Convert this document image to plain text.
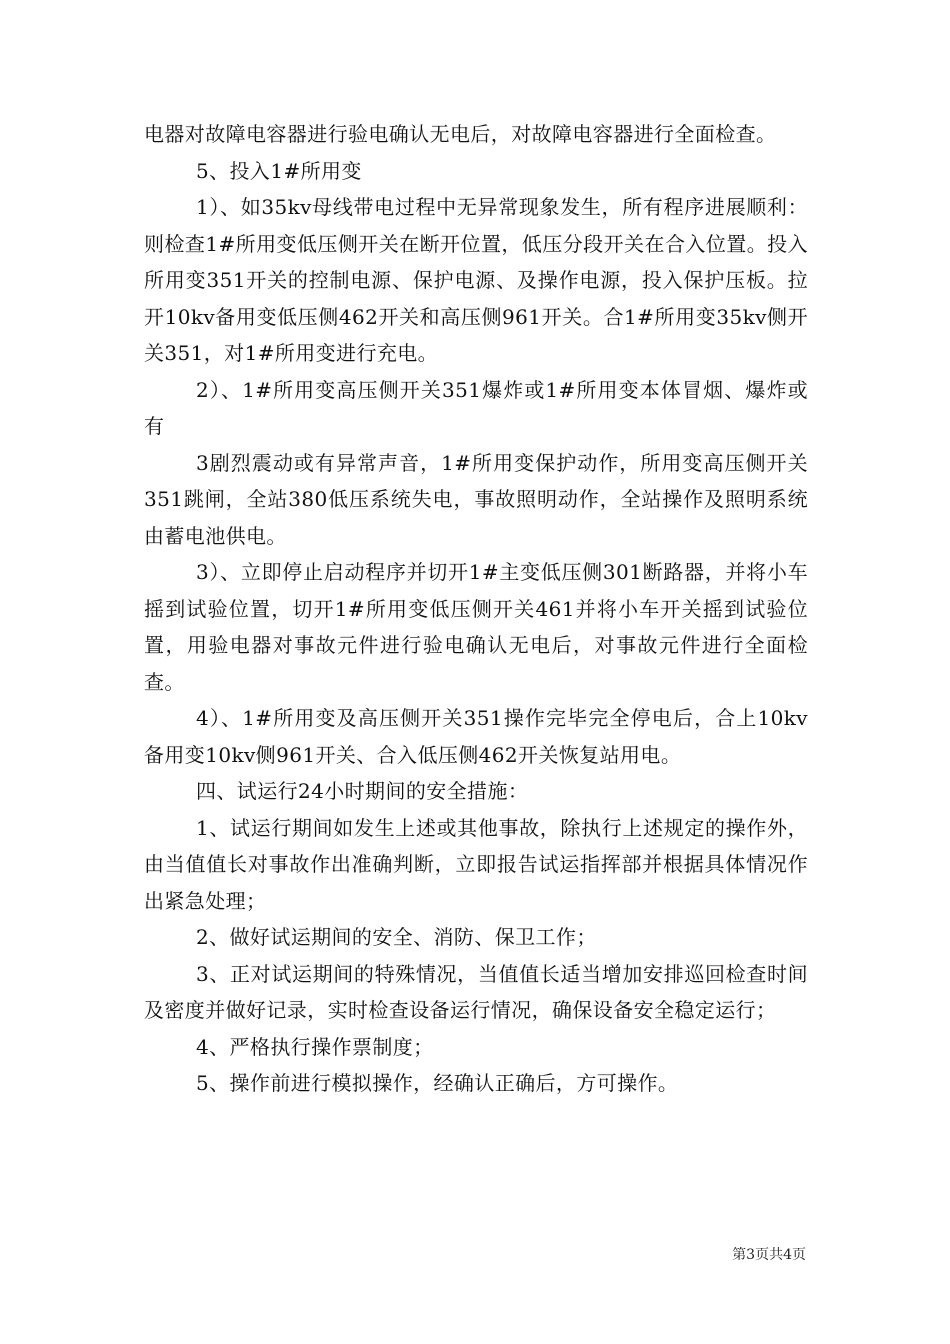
电器对故障电容器进行验电确认无电后，对故障电容器进行全面检查。

5、投入1#所用变

1）、如35kv母线带电过程中无异常现象发生，所有程序进展顺利：则检查1#所用变低压侧开关在断开位置，低压分段开关在合入位置。投入所用变351开关的控制电源、保护电源、及操作电源，投入保护压板。拉开10kv备用变低压侧462开关和高压侧961开关。合1#所用变35kv侧开关351，对1#所用变进行充电。

2）、1#所用变高压侧开关351爆炸或1#所用变本体冒烟、爆炸或有

3剧烈震动或有异常声音，1#所用变保护动作，所用变高压侧开关351跳闸，全站380低压系统失电，事故照明动作，全站操作及照明系统由蓄电池供电。

3）、立即停止启动程序并切开1#主变低压侧301断路器，并将小车摇到试验位置，切开1#所用变低压侧开关461并将小车开关摇到试验位置，用验电器对事故元件进行验电确认无电后，对事故元件进行全面检查。

4）、1#所用变及高压侧开关351操作完毕完全停电后，合上10kv备用变10kv侧961开关、合入低压侧462开关恢复站用电。

四、试运行24小时期间的安全措施：

1、试运行期间如发生上述或其他事故，除执行上述规定的操作外，由当值值长对事故作出准确判断，立即报告试运指挥部并根据具体情况作出紧急处理；

2、做好试运期间的安全、消防、保卫工作；

3、正对试运期间的特殊情况，当值值长适当增加安排巡回检查时间及密度并做好记录，实时检查设备运行情况，确保设备安全稳定运行；

4、严格执行操作票制度；

5、操作前进行模拟操作，经确认正确后，方可操作。

第3页共4页
